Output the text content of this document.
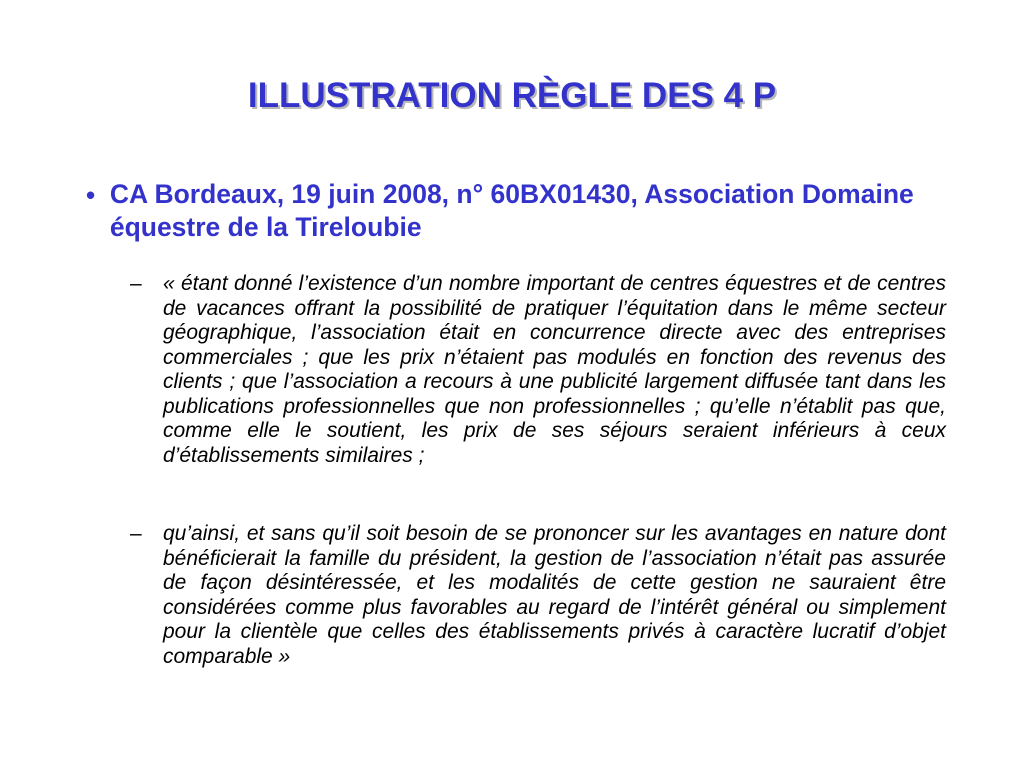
ILLUSTRATION RÈGLE DES 4 P
• CA Bordeaux, 19 juin 2008, n° 60BX01430, Association Domaine équestre de la Tireloubie
–	« étant donné l’existence d’un nombre important de centres équestres et de centres de vacances offrant la possibilité de pratiquer l’équitation dans le même secteur géographique, l’association était en concurrence directe avec des entreprises commerciales ; que les prix n’étaient pas modulés en fonction des revenus des clients ; que l’association a recours à une publicité largement diffusée tant dans les publications professionnelles que non professionnelles ; qu’elle n’établit pas que, comme elle le soutient, les prix de ses séjours seraient inférieurs à ceux d’établissements similaires ;
–	qu’ainsi, et sans qu’il soit besoin de se prononcer sur les avantages en nature dont bénéficierait la famille du président, la gestion de l’association n’était pas assurée de façon désintéressée, et les modalités de cette gestion ne sauraient être considérées comme plus favorables au regard de l’intérêt général ou simplement pour la clientèle que celles des établissements privés à caractère lucratif d’objet comparable »
